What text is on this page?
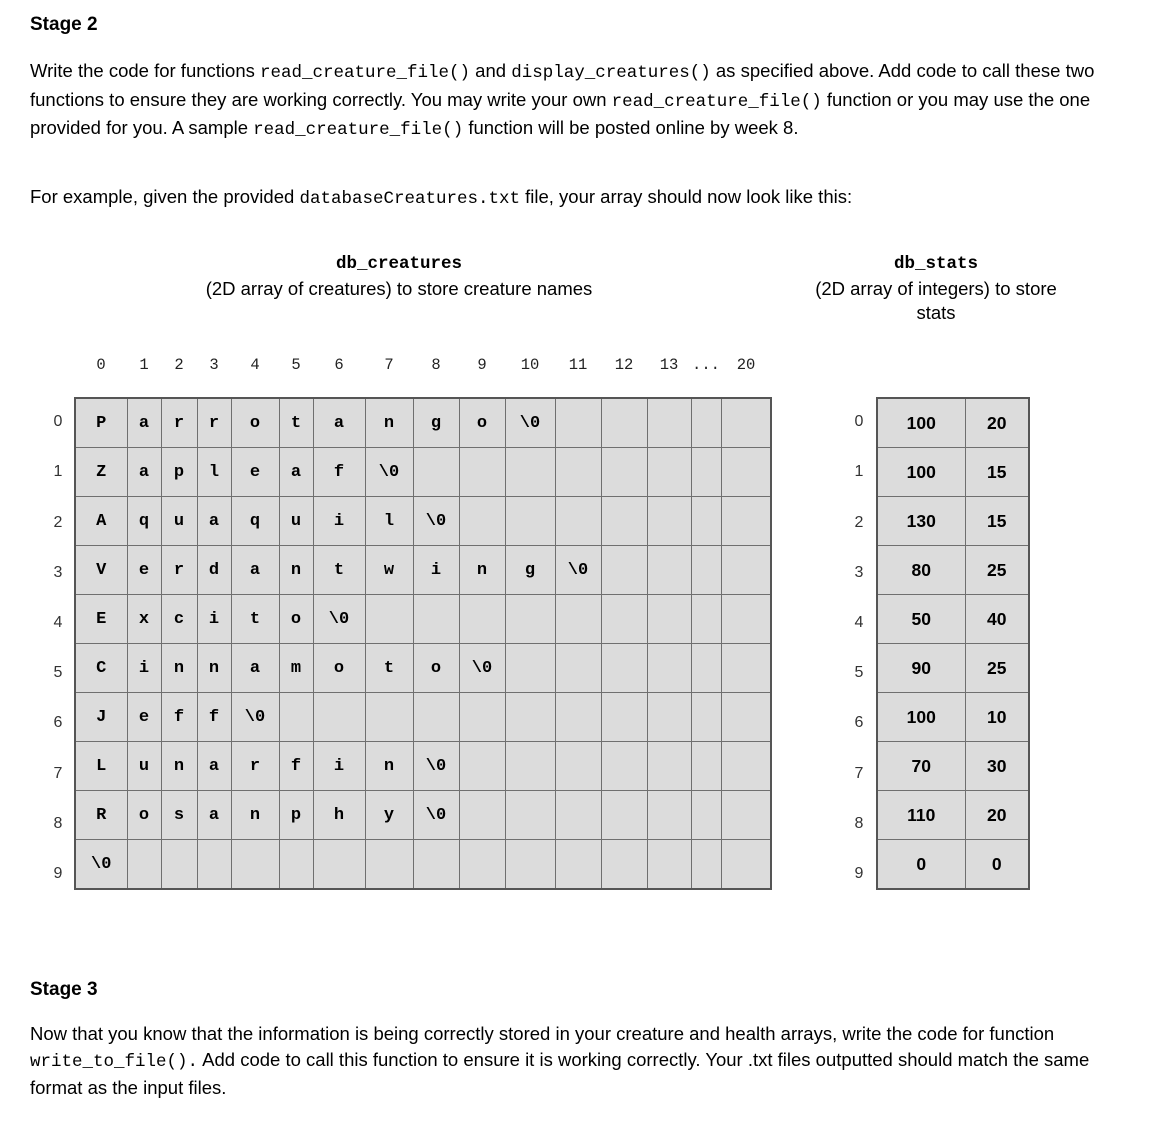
Stage 2
Write the code for functions read_creature_file() and display_creatures() as specified above. Add code to call these two functions to ensure they are working correctly. You may write your own read_creature_file() function or you may use the one provided for you. A sample read_creature_file() function will be posted online by week 8.
For example, given the provided databaseCreatures.txt file, your array should now look like this:
db_creatures
(2D array of creatures) to store creature names
db_stats
(2D array of integers) to store stats
0 1 2 3 4 5 6	7 8 9 10 11 12 13 ... 20
0
1
2
3
4
5
6
7
8
9
0
1
2
3
4
5
6
7
8
9
P	a	r	r	o	t	a	n	g	o	\0					
Z	a	p	l	e	a	f	\0								
A	q	u	a	q	u	i	l	\0							
V	e	r	d	a	n	t	w	i	n	g	\0				
E	x	c	i	t	o	\0									
C	i	n	n	a	m	o	t	o	\0						
J	e	f	f	\0											
L	u	n	a	r	f	i	n	\0							
R	o	s	a	n	p	h	y	\0							
\0															
100	20
100	15
130	15
80	25
50	40
90	25
100	10
70	30
110	20
0	0
Stage 3
Now that you know that the information is being correctly stored in your creature and health arrays, write the code for function write_to_file(). Add code to call this function to ensure it is working correctly. Your .txt files outputted should match the same format as the input files.
